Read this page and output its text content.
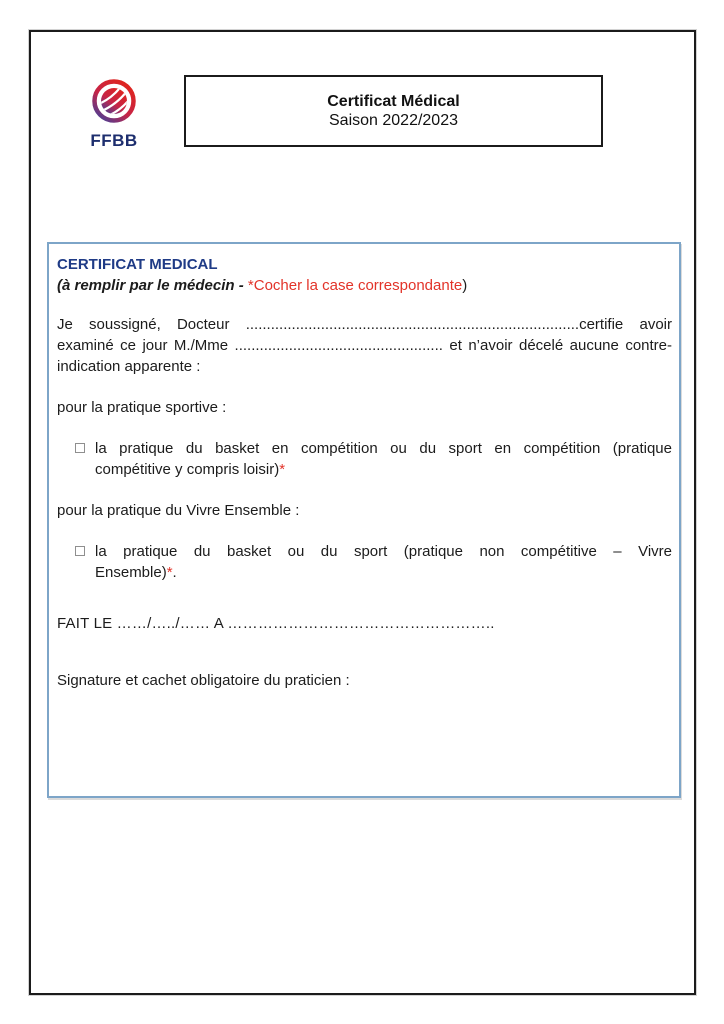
FFBB
Certificat Médical
Saison 2022/2023
CERTIFICAT MEDICAL
(à remplir par le médecin - *Cocher la case correspondante)
Je soussigné, Docteur ................................................................................certifie avoir
examiné ce jour M./Mme .................................................. et n’avoir décelé aucune contre-
indication apparente :
pour la pratique sportive :
la pratique du basket en compétition ou du sport en compétition (pratique
compétitive y compris loisir)*
pour la pratique du Vivre Ensemble :
la pratique du basket ou du sport (pratique non compétitive – Vivre
Ensemble)*.
FAIT LE ……/…../…… A ……………………………………………..
Signature et cachet obligatoire du praticien :
